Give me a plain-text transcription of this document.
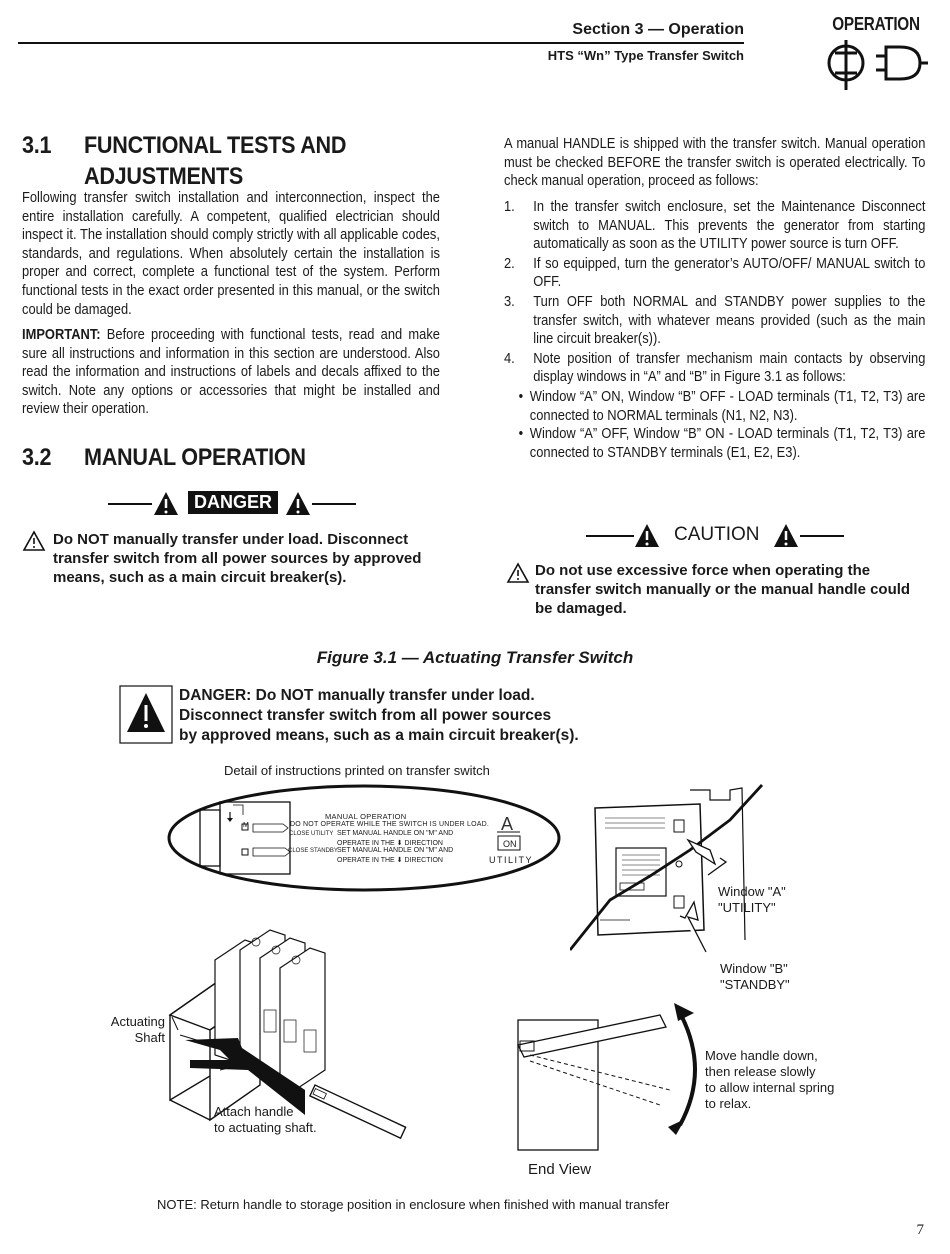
Section 3 — Operation
HTS “Wn” Type Transfer Switch
OPERATION
3.1 FUNCTIONAL TESTS AND
ADJUSTMENTS
Following transfer switch installation and interconnection, inspect the entire installation carefully. A competent, qualified electrician should inspect it. The installation should comply strictly with all applicable codes, standards, and regulations. When absolutely certain the installation is proper and correct, complete a functional test of the system. Perform functional tests in the exact order presented in this manual, or the switch could be damaged.
IMPORTANT: Before proceeding with functional tests, read and make sure all instructions and information in this section are understood. Also read the information and instructions of labels and decals affixed to the switch. Note any options or accessories that might be installed and review their operation.
3.2 MANUAL OPERATION
DANGER
Do NOT manually transfer under load. Disconnect transfer switch from all power sources by approved means, such as a main circuit breaker(s).
A manual HANDLE is shipped with the transfer switch. Manual operation must be checked BEFORE the transfer switch is operated electrically. To check manual operation, proceed as follows:
1. In the transfer switch enclosure, set the Maintenance Disconnect switch to MANUAL. This prevents the generator from starting automatically as soon as the UTILITY power source is turn OFF.
2. If so equipped, turn the generator’s AUTO/OFF/ MANUAL switch to OFF.
3. Turn OFF both NORMAL and STANDBY power supplies to the transfer switch, with whatever means provided (such as the main line circuit breaker(s)).
4. Note position of transfer mechanism main contacts by observing display windows in “A” and “B” in Figure 3.1 as follows:
• Window “A” ON, Window “B” OFF - LOAD terminals (T1, T2, T3) are connected to NORMAL terminals (N1, N2, N3).
• Window “A” OFF, Window “B” ON - LOAD terminals (T1, T2, T3) are connected to STANDBY terminals (E1, E2, E3).
CAUTION
Do not use excessive force when operating the transfer switch manually or the manual handle could be damaged.
Figure 3.1 — Actuating Transfer Switch
DANGER: Do NOT manually transfer under load.
Disconnect transfer switch from all power sources
by approved means, such as a main circuit breaker(s).
Detail of instructions printed on transfer switch
MANUAL OPERATION
DO NOT OPERATE WHILE THE SWITCH IS UNDER LOAD.
CLOSE UTILITY SET MANUAL HANDLE ON "M" AND
OPERATE IN THE ⬇ DIRECTION
CLOSE STANDBY SET MANUAL HANDLE ON "M" AND
OPERATE IN THE ⬇ DIRECTION
M	A
ON
UTILITY
Window "A"
"UTILITY"
Window "B"
"STANDBY"
Actuating
Shaft
Attach handle
to actuating shaft.
Move handle down,
then release slowly
to allow internal spring
to relax.
End View
NOTE: Return handle to storage position in enclosure when finished with manual transfer
7
